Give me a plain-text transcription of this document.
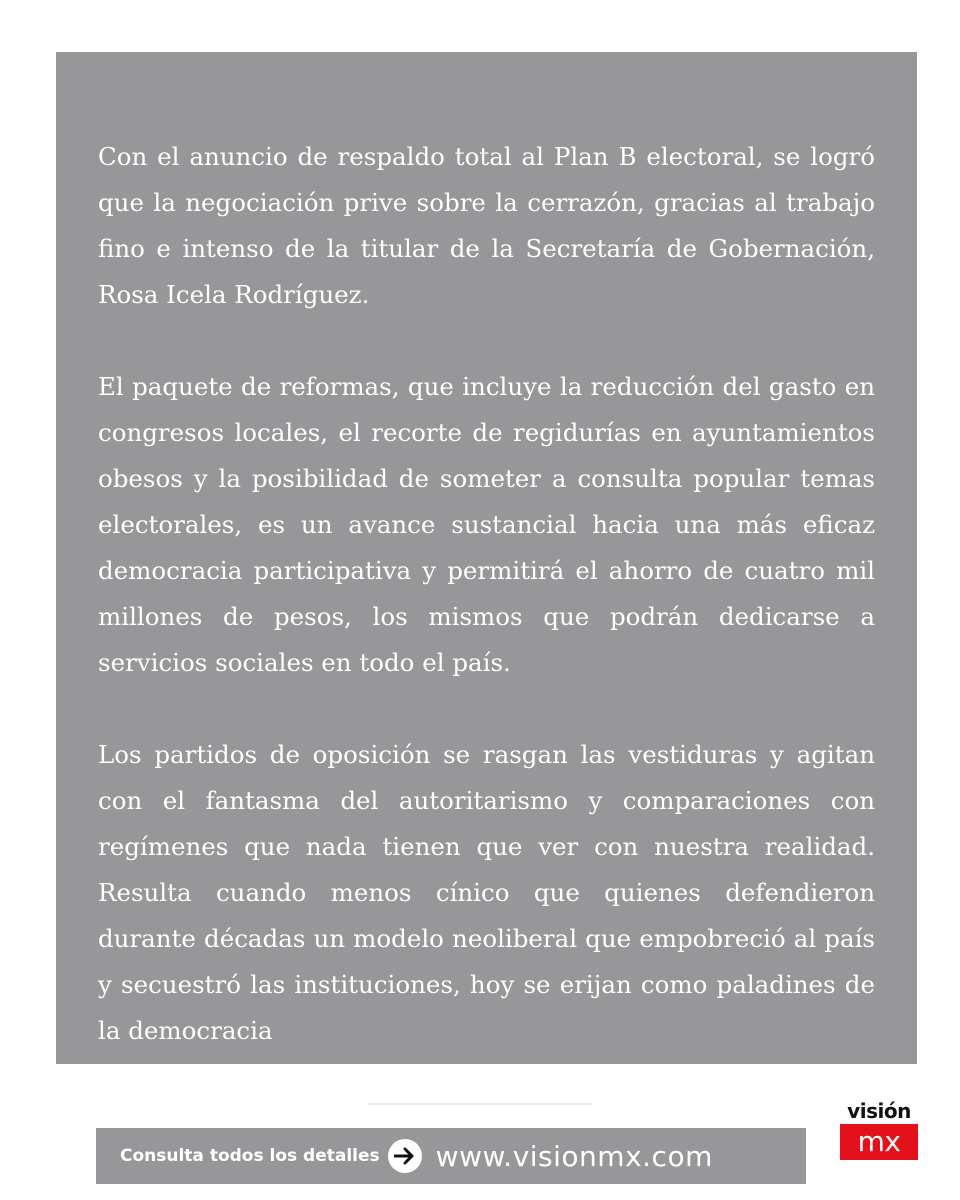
Con el anuncio de respaldo total al Plan B electoral, se logró que la negociación prive sobre la cerrazón, gracias al trabajo fino e intenso de la titular de la Secretaría de Gobernación, Rosa Icela Rodríguez.

El paquete de reformas, que incluye la reducción del gasto en congresos locales, el recorte de regidurías en ayuntamientos obesos y la posibilidad de someter a consulta popular temas electorales, es un avance sustancial hacia una más eficaz democracia participativa y permitirá el ahorro de cuatro mil millones de pesos, los mismos que podrán dedicarse a servicios sociales en todo el país.

Los partidos de oposición se rasgan las vestiduras y agitan con el fantasma del autoritarismo y comparaciones con regímenes que nada tienen que ver con nuestra realidad. Resulta cuando menos cínico que quienes defendieron durante décadas un modelo neoliberal que empobreció al país y secuestró las instituciones, hoy se erijan como paladines de la democracia

Consulta todos los detalles www.visionmx.com
visión
mx
